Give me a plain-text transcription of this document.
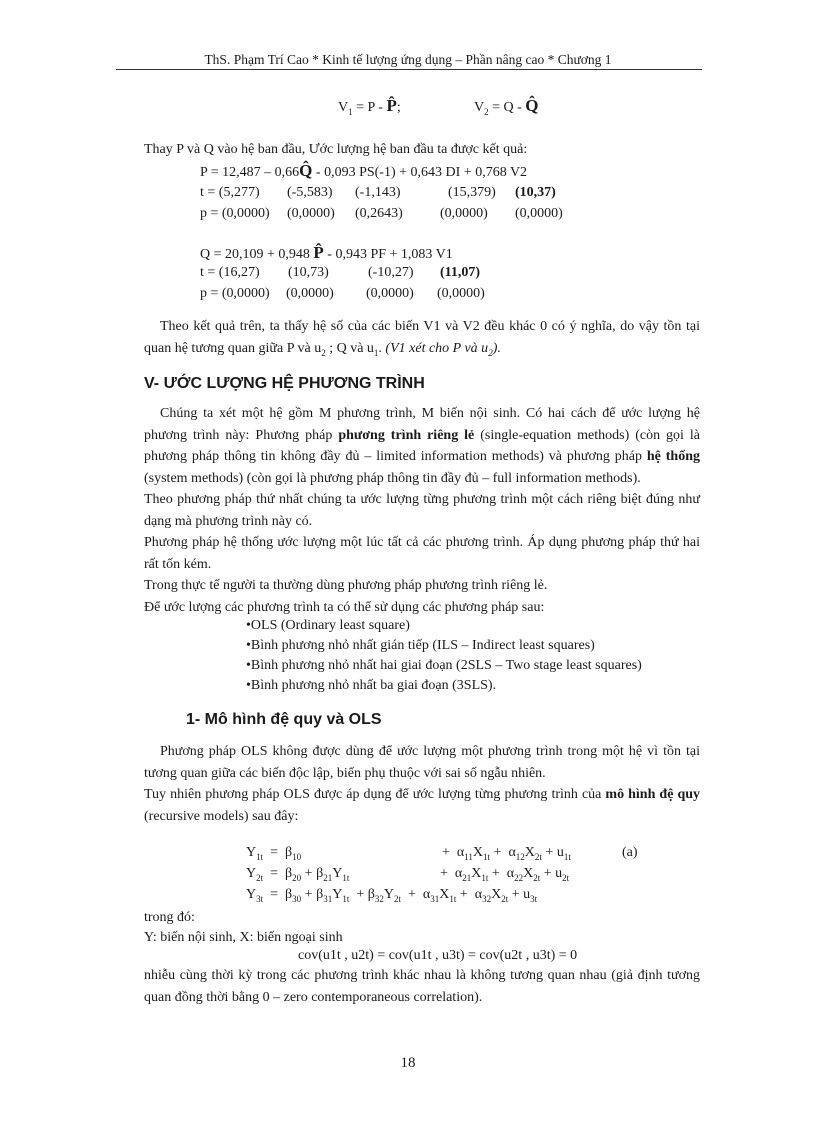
ThS. Phạm Trí Cao * Kinh tế lượng ứng dụng – Phần nâng cao * Chương 1
$V_1 = P$ - P̂;	$V_2 = Q$ - Q̂
Thay P và Q vào hệ ban đầu, Ước lượng hệ ban đầu ta được kết quả:
P = 12,487 – 0,66Q̂ - 0,093 PS(-1) + 0,643 DI + 0,768 V2
t = (5,277) (-5,583) (-1,143)	(15,379) (10,37)
p = (0,0000) (0,0000) (0,2643)	(0,0000) (0,0000)
Q = 20,109 + 0,948 P̂ - 0,943 PF + 1,083 V1
t = (16,27) (10,73)	(-10,27) (11,07)
p = (0,0000) (0,0000) (0,0000) (0,0000)

Theo kết quả trên, ta thấy hệ số của các biến V1 và V2 đều khác 0 có ý nghĩa, do vậy tồn tại quan hệ tương quan giữa P và $u_2$ ; Q và $u_1$. (V1 xét cho P và $u_2$).

V- ƯỚC LƯỢNG HỆ PHƯƠNG TRÌNH

Chúng ta xét một hệ gồm M phương trình, M biến nội sinh. Có hai cách để ước lượng hệ phương trình này: Phương pháp phương trình riêng lẻ (single-equation methods) (còn gọi là phương pháp thông tin không đầy đủ – limited information methods) và phương pháp hệ thống (system methods) (còn gọi là phương pháp thông tin đầy đủ – full information methods).

Theo phương pháp thứ nhất chúng ta ước lượng từng phương trình một cách riêng biệt đúng như dạng mà phương trình này có.

Phương pháp hệ thống ước lượng một lúc tất cả các phương trình. Áp dụng phương pháp thứ hai rất tốn kém.

Trong thực tế người ta thường dùng phương pháp phương trình riêng lẻ.

Để ước lượng các phương trình ta có thể sử dụng các phương pháp sau:

• OLS (Ordinary least square)
• Bình phương nhỏ nhất gián tiếp (ILS – Indirect least squares)
• Bình phương nhỏ nhất hai giai đoạn (2SLS – Two stage least squares)
• Bình phương nhỏ nhất ba giai đoạn (3SLS).
1- Mô hình đệ quy và OLS

Phương pháp OLS không được dùng để ước lượng một phương trình trong một hệ vì tồn tại tương quan giữa các biến độc lập, biến phụ thuộc với sai số ngẫu nhiên.

Tuy nhiên phương pháp OLS được áp dụng để ước lượng từng phương trình của mô hình đệ quy (recursive models) sau đây:

$Y_{1t} = \beta_{10}$	+  $\alpha_{11}X_{1t} + \alpha_{12}X_{2t} + u_{1t}$	(a)
$Y_{2t} = \beta_{20} + \beta_{21}Y_{1t}$	+  $\alpha_{21}X_{1t} + \alpha_{22}X_{2t} + u_{2t}$
$Y_{3t} = \beta_{30} + \beta_{31}Y_{1t} + \beta_{32}Y_{2t} + \alpha_{31}X_{1t} + \alpha_{32}X_{2t} + u_{3t}$
trong đó:
Y: biến nội sinh, X: biến ngoại sinh
cov(u1t , u2t) = cov(u1t , u3t) = cov(u2t , u3t) = 0

nhiễu cùng thời kỳ trong các phương trình khác nhau là không tương quan nhau (giả định tương quan đồng thời bằng 0 – zero contemporaneous correlation).

18
